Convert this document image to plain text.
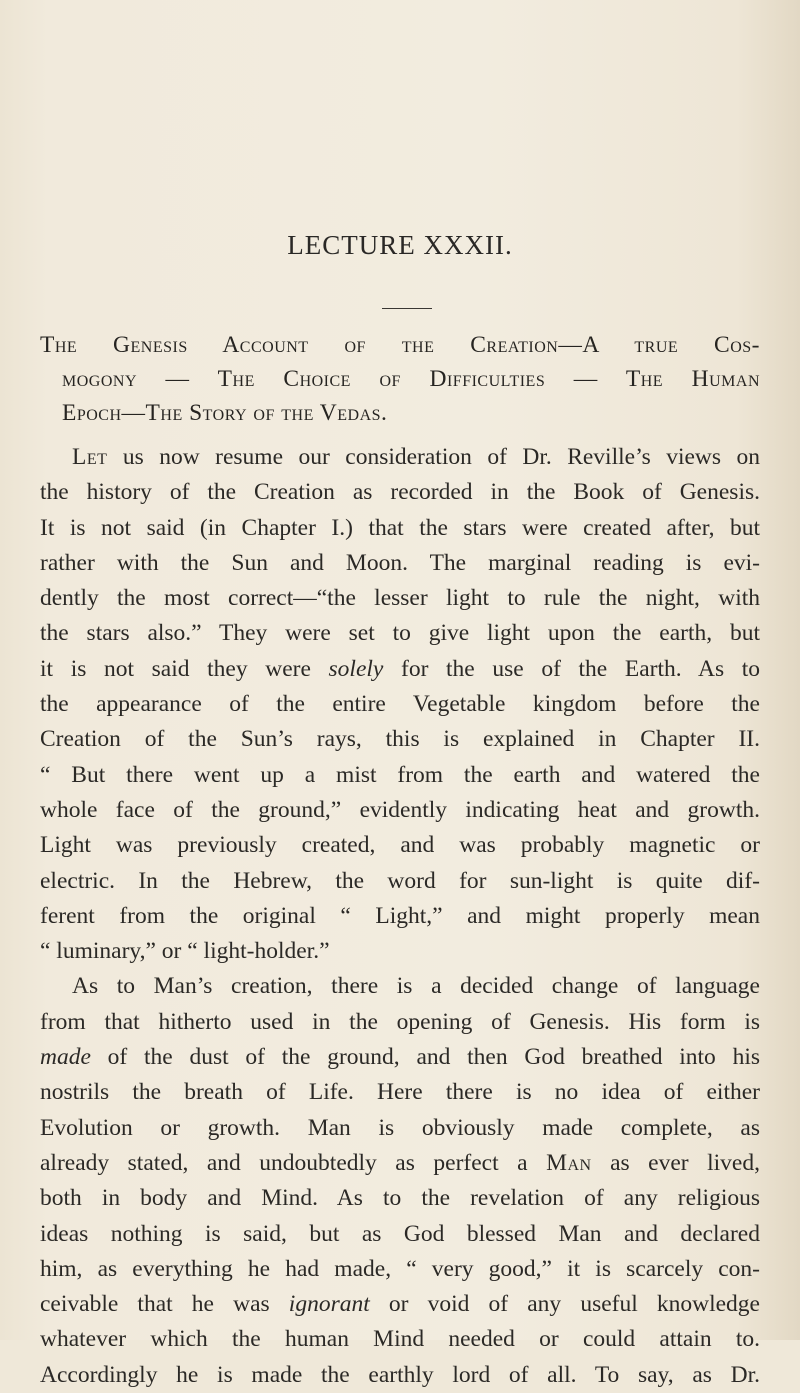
LECTURE XXXII.
The Genesis Account of the Creation—A true Cos-
mogony — The Choice of Difficulties — The Human
Epoch—The Story of the Vedas.
Let us now resume our consideration of Dr. Reville’s views on
the history of the Creation as recorded in the Book of Genesis.
It is not said (in Chapter I.) that the stars were created after, but
rather with the Sun and Moon. The marginal reading is evi-
dently the most correct—“the lesser light to rule the night, with
the stars also.” They were set to give light upon the earth, but
it is not said they were solely for the use of the Earth. As to
the appearance of the entire Vegetable kingdom before the
Creation of the Sun’s rays, this is explained in Chapter II.
“ But there went up a mist from the earth and watered the
whole face of the ground,” evidently indicating heat and growth.
Light was previously created, and was probably magnetic or
electric. In the Hebrew, the word for sun-light is quite dif-
ferent from the original “ Light,” and might properly mean
“ luminary,” or “ light-holder.”
As to Man’s creation, there is a decided change of language
from that hitherto used in the opening of Genesis. His form is
made of the dust of the ground, and then God breathed into his
nostrils the breath of Life. Here there is no idea of either
Evolution or growth. Man is obviously made complete, as
already stated, and undoubtedly as perfect a Man as ever lived,
both in body and Mind. As to the revelation of any religious
ideas nothing is said, but as God blessed Man and declared
him, as everything he had made, “ very good,” it is scarcely con-
ceivable that he was ignorant or void of any useful knowledge
whatever which the human Mind needed or could attain to.
Accordingly he is made the earthly lord of all. To say, as Dr.
